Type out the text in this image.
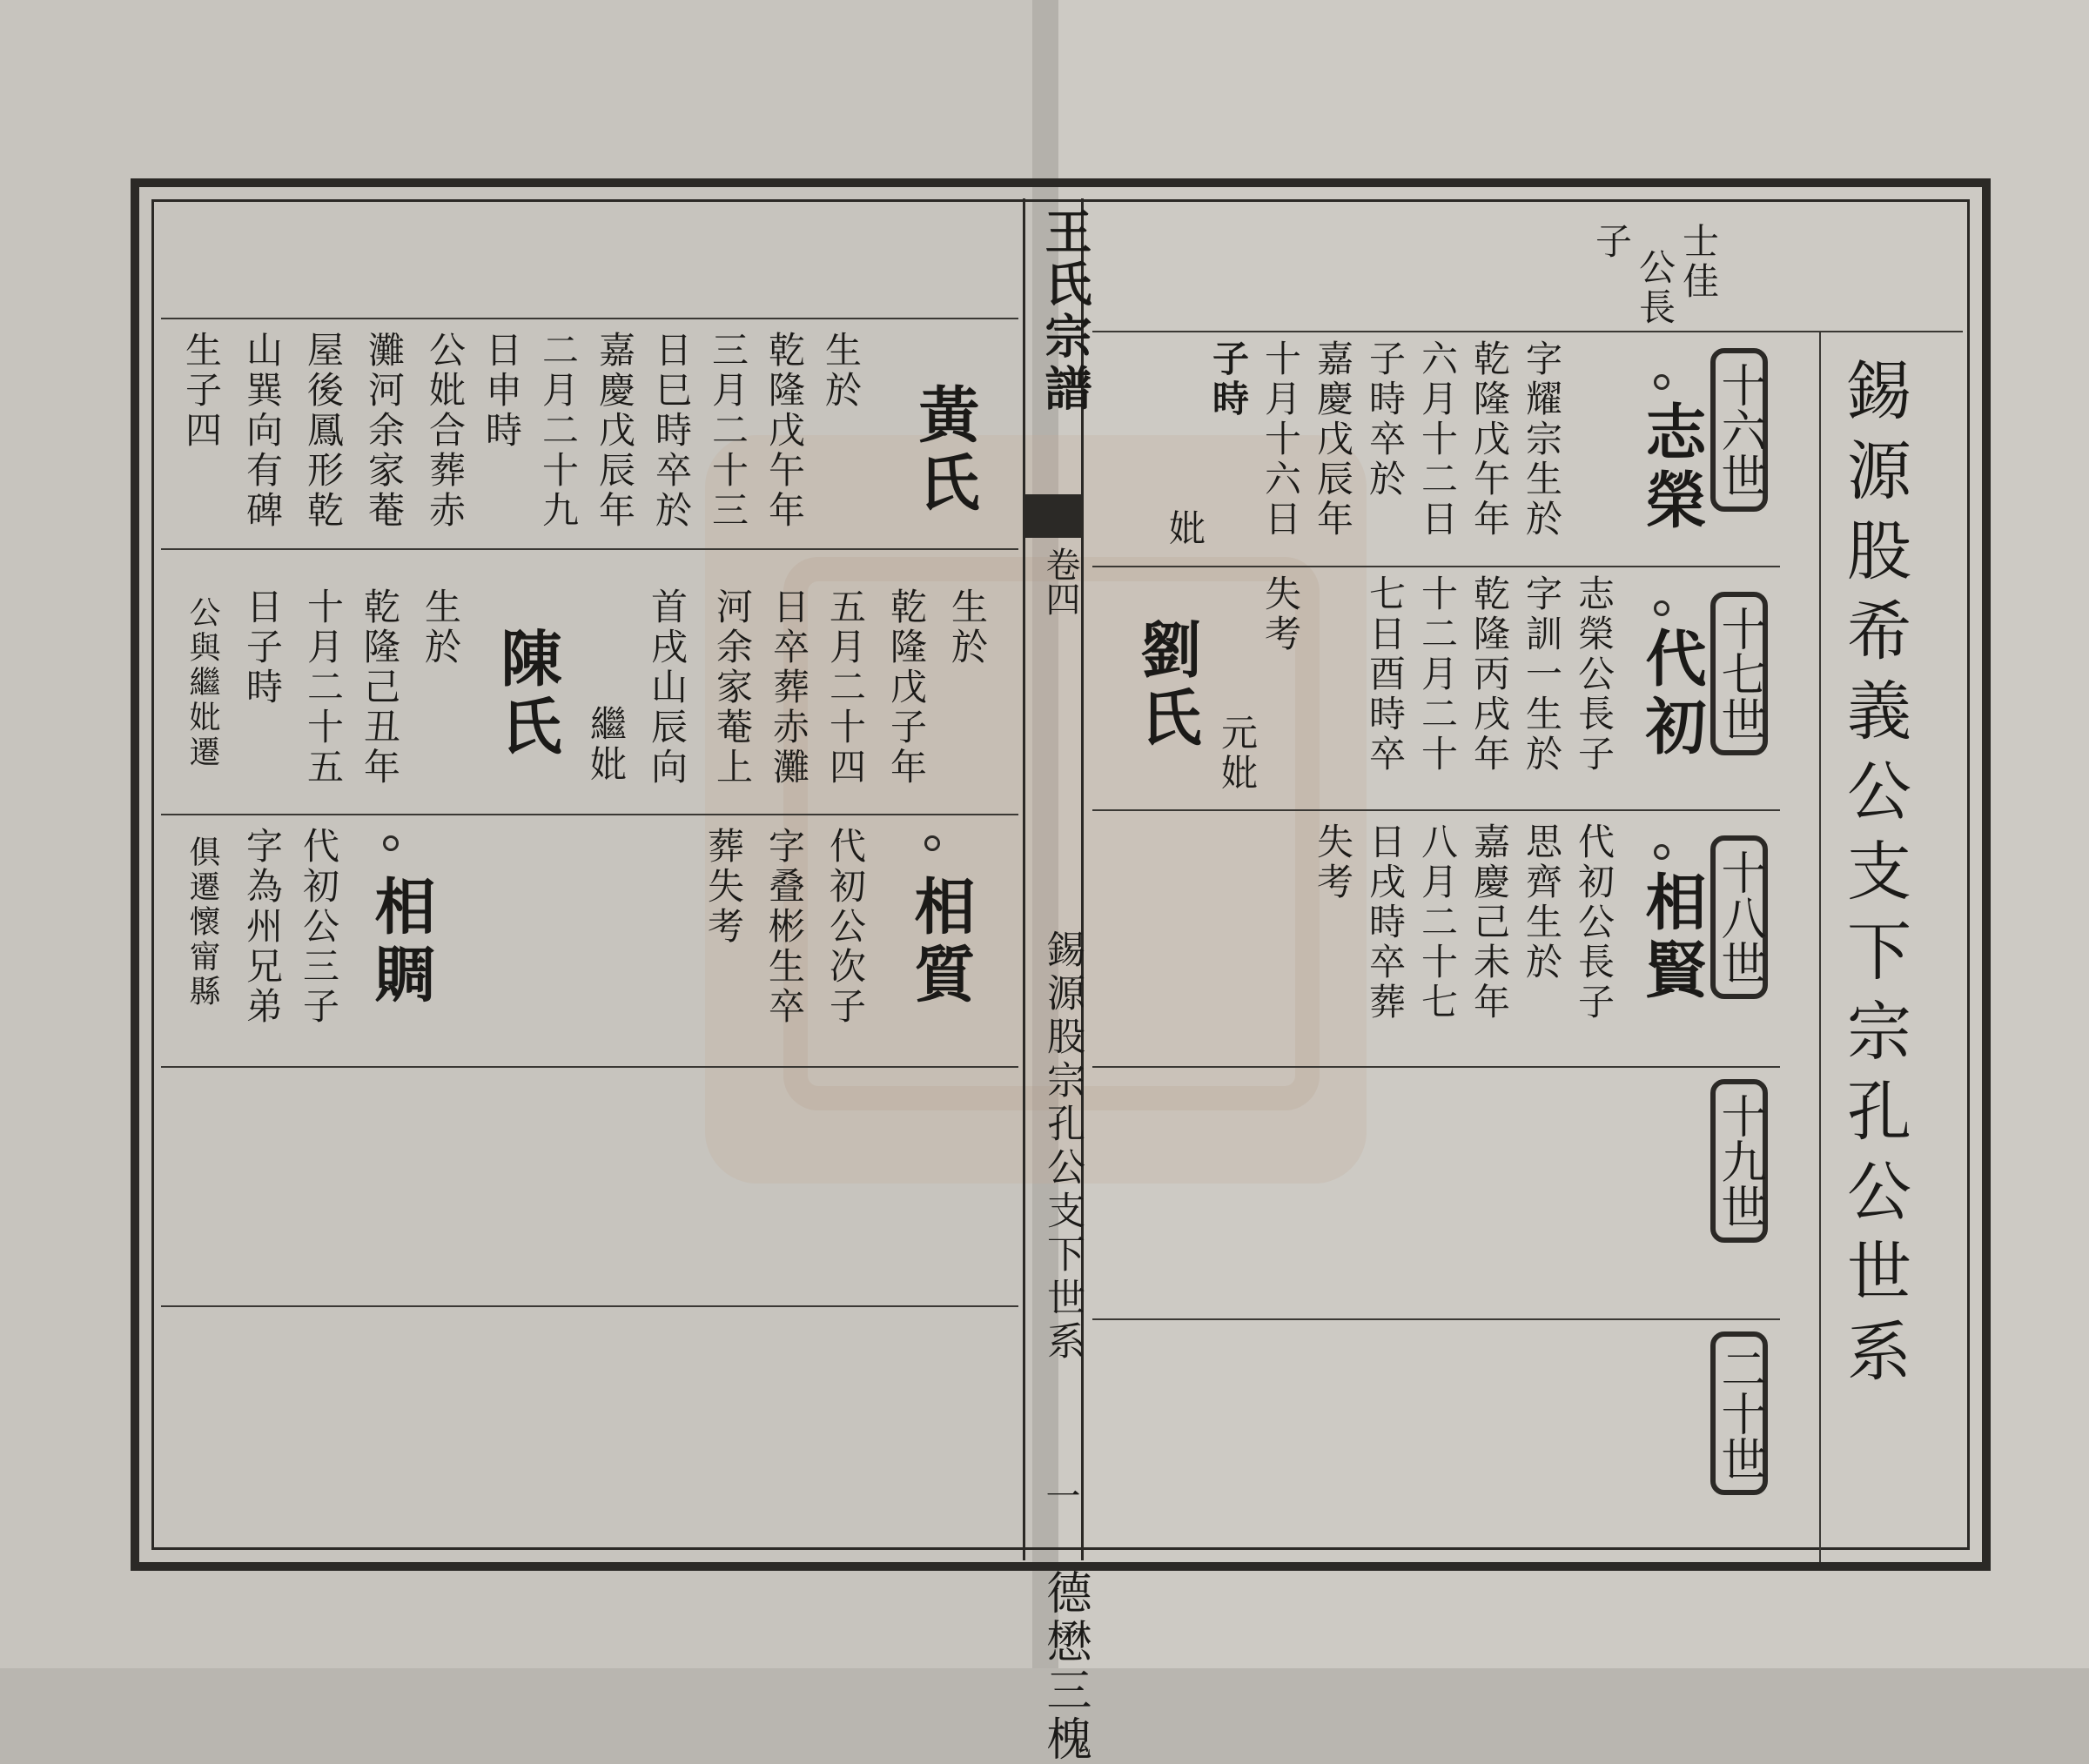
王氏宗譜
卷四
錫源股宗孔公支下世系
一
德懋三槐
錫源股希義公支下宗孔公世系
十六世
十七世
十八世
十九世
二十世
士佳
公長
子
志榮
字耀宗生於
乾隆戊午年
六月十二日
子時卒於
嘉慶戊辰年
十月十六日
子時
代初
志榮公長子
字訓一生於
乾隆丙戌年
十二月二十
七日酉時卒
失考
相賢
代初公長子
思齊生於
嘉慶己未年
八月二十七
日戌時卒葬
失考
妣
劉氏 元妣
黃氏
生於
乾隆戊午年
三月二十三
日巳時卒於
嘉慶戊辰年
二月二十九
日申時
公妣合葬赤
灘河余家菴
屋後鳳形乾
山巽向有碑
生子四
生於
乾隆戊子年
五月二十四
日卒葬赤灘
河余家菴上
首戌山辰向
繼妣
陳氏
生於
乾隆己丑年
十月二十五
日子時
公與繼妣遷
相質
代初公次子
字叠彬生卒
葬失考
相賙
代初公三子
字為州兄弟
俱遷懷甯縣
